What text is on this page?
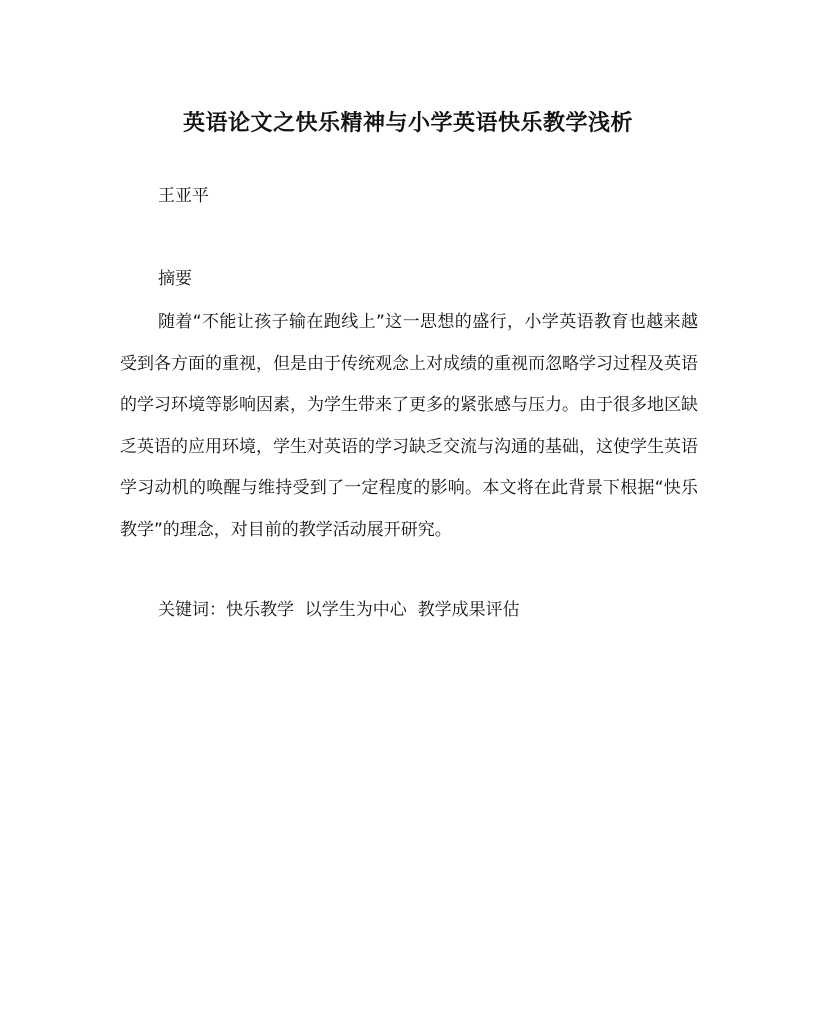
英语论文之快乐精神与小学英语快乐教学浅析

王亚平

摘要

随着“不能让孩子输在跑线上”这一思想的盛行，小学英语教育也越来越受到各方面的重视，但是由于传统观念上对成绩的重视而忽略学习过程及英语的学习环境等影响因素，为学生带来了更多的紧张感与压力。由于很多地区缺乏英语的应用环境，学生对英语的学习缺乏交流与沟通的基础，这使学生英语学习动机的唤醒与维持受到了一定程度的影响。本文将在此背景下根据“快乐教学”的理念，对目前的教学活动展开研究。

关键词：快乐教学  以学生为中心  教学成果评估
